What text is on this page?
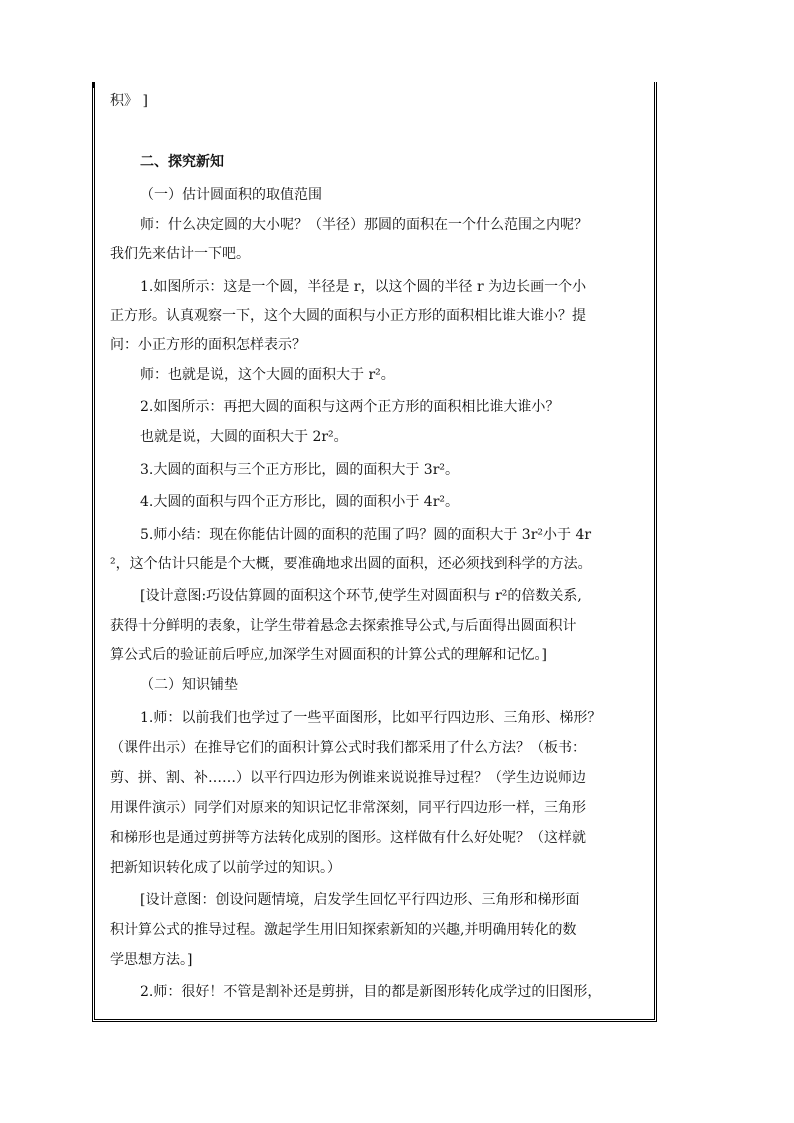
积》 ]
二、探究新知
（一）估计圆面积的取值范围
师：什么决定圆的大小呢？（半径）那圆的面积在一个什么范围之内呢？
我们先来估计一下吧。
1.如图所示：这是一个圆，半径是 r，以这个圆的半径 r 为边长画一个小
正方形。认真观察一下，这个大圆的面积与小正方形的面积相比谁大谁小？提
问：小正方形的面积怎样表示？
师：也就是说，这个大圆的面积大于 r²。
2.如图所示：再把大圆的面积与这两个正方形的面积相比谁大谁小？
也就是说，大圆的面积大于 2r²。
3.大圆的面积与三个正方形比，圆的面积大于 3r²。
4.大圆的面积与四个正方形比，圆的面积小于 4r²。
5.师小结：现在你能估计圆的面积的范围了吗？圆的面积大于 3r²小于 4r
²，这个估计只能是个大概，要准确地求出圆的面积，还必须找到科学的方法。
[设计意图:巧设估算圆的面积这个环节,使学生对圆面积与 r²的倍数关系,
获得十分鲜明的表象，让学生带着悬念去探索推导公式,与后面得出圆面积计
算公式后的验证前后呼应,加深学生对圆面积的计算公式的理解和记忆。]
（二）知识铺垫
1.师：以前我们也学过了一些平面图形，比如平行四边形、三角形、梯形？
（课件出示）在推导它们的面积计算公式时我们都采用了什么方法？（板书：
剪、拼、割、补……）以平行四边形为例谁来说说推导过程？（学生边说师边
用课件演示）同学们对原来的知识记忆非常深刻，同平行四边形一样，三角形
和梯形也是通过剪拼等方法转化成别的图形。这样做有什么好处呢？（这样就
把新知识转化成了以前学过的知识。）
[设计意图：创设问题情境，启发学生回忆平行四边形、三角形和梯形面
积计算公式的推导过程。激起学生用旧知探索新知的兴趣,并明确用转化的数
学思想方法。]
2.师：很好！不管是割补还是剪拼，目的都是新图形转化成学过的旧图形，
